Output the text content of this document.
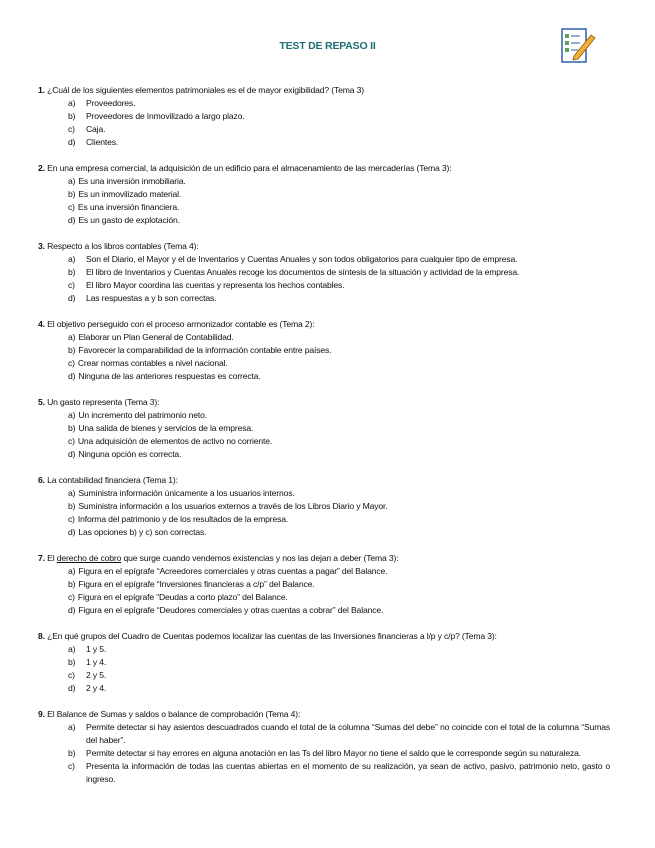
TEST DE REPASO II
1. ¿Cuál de los siguientes elementos patrimoniales es el de mayor exigibilidad? (Tema 3)
a)	Proveedores.
b)	Proveedores de Inmovilizado a largo plazo.
c)	Caja.
d)	Clientes.
2. En una empresa comercial, la adquisición de un edificio para el almacenamiento de las mercaderías (Tema 3):
a) Es una inversión inmobiliaria.
b) Es un inmovilizado material.
c) Es una inversión financiera.
d) Es un gasto de explotación.
3. Respecto a los libros contables (Tema 4):
a)	Son el Diario, el Mayor y el de Inventarios y Cuentas Anuales y son todos obligatorios para cualquier tipo de empresa.
b)	El libro de Inventarios y Cuentas Anuales recoge los documentos de síntesis de la situación y actividad de la empresa.
c)	El libro Mayor coordina las cuentas y representa los hechos contables.
d)	Las respuestas a y b son correctas.
4. El objetivo perseguido con el proceso armonizador contable es (Tema 2):
a) Elaborar un Plan General de Contabilidad.
b) Favorecer la comparabilidad de la información contable entre países.
c) Crear normas contables a nivel nacional.
d) Ninguna de las anteriores respuestas es correcta.
5. Un gasto representa (Tema 3):
a) Un incremento del patrimonio neto.
b) Una salida de bienes y servicios de la empresa.
c) Una adquisición de elementos de activo no corriente.
d) Ninguna opción es correcta.
6. La contabilidad financiera (Tema 1):
a) Suministra información únicamente a los usuarios internos.
b) Suministra información a los usuarios externos a través de los Libros Diario y Mayor.
c) Informa del patrimonio y de los resultados de la empresa.
d) Las opciones b) y c) son correctas.
7. El derecho de cobro que surge cuando vendemos existencias y nos las dejan a deber (Tema 3):
a) Figura en el epígrafe “Acreedores comerciales y otras cuentas a pagar” del Balance.
b) Figura en el epígrafe “Inversiones financieras a c/p” del Balance.
c) Figura en el epígrafe “Deudas a corto plazo” del Balance.
d) Figura en el epígrafe “Deudores comerciales y otras cuentas a cobrar” del Balance.
8. ¿En qué grupos del Cuadro de Cuentas podemos localizar las cuentas de las Inversiones financieras a l/p y c/p? (Tema 3):
a)	1 y 5.
b)	1 y 4.
c)	2 y 5.
d)	2 y 4.
9. El Balance de Sumas y saldos o balance de comprobación (Tema 4):
a)	Permite detectar si hay asientos descuadrados cuando el total de la columna “Sumas del debe” no coincide con el total de la columna “Sumas del haber”.
b)	Permite detectar si hay errores en alguna anotación en las Ts del libro Mayor no tiene el saldo que le corresponde según su naturaleza.
c)	Presenta la información de todas las cuentas abiertas en el momento de su realización, ya sean de activo, pasivo, patrimonio neto, gasto o ingreso.
